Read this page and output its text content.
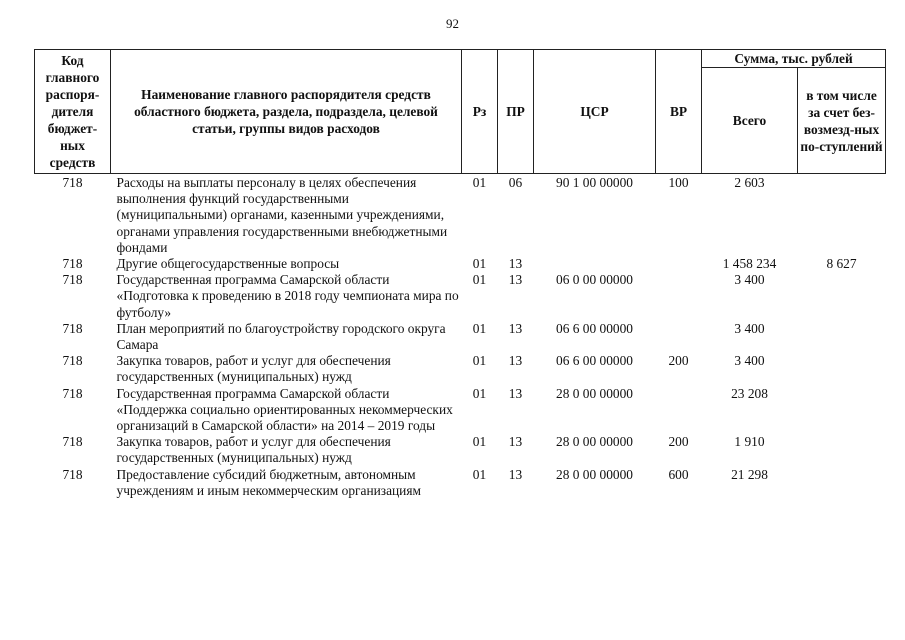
92
Код главного распоря-дителя бюджет-ных средств	Наименование главного распорядителя средств областного бюджета, раздела, подраздела, целевой статьи, группы видов расходов	Рз	ПР	ЦСР	ВР	Сумма, тыс. рублей	
						Всего	в том числе за счет без-возмезд-ных по-ступлений
718	Расходы на выплаты персоналу в целях обеспечения выполнения функций государственными (муниципальными) органами, казенными учреждениями, органами управления государственными внебюджетными фондами	01	06	90 1 00 00000	100	2 603	
718	Другие общегосударственные вопросы	01	13			1 458 234	8 627
718	Государственная программа Самарской области «Подготовка к проведению в 2018 году чемпионата мира по футболу»	01	13	06 0 00 00000		3 400	
718	План мероприятий по благоустройству городского округа Самара	01	13	06 6 00 00000		3 400	
718	Закупка товаров, работ и услуг для обеспечения государственных (муниципальных) нужд	01	13	06 6 00 00000	200	3 400	
718	Государственная программа Самарской области «Поддержка социально ориентированных некоммерческих организаций в Самарской области» на 2014 – 2019 годы	01	13	28 0 00 00000		23 208	
718	Закупка товаров, работ и услуг для обеспечения государственных (муниципальных) нужд	01	13	28 0 00 00000	200	1 910	
718	Предоставление субсидий бюджетным, автономным учреждениям и иным некоммерческим организациям	01	13	28 0 00 00000	600	21 298	
